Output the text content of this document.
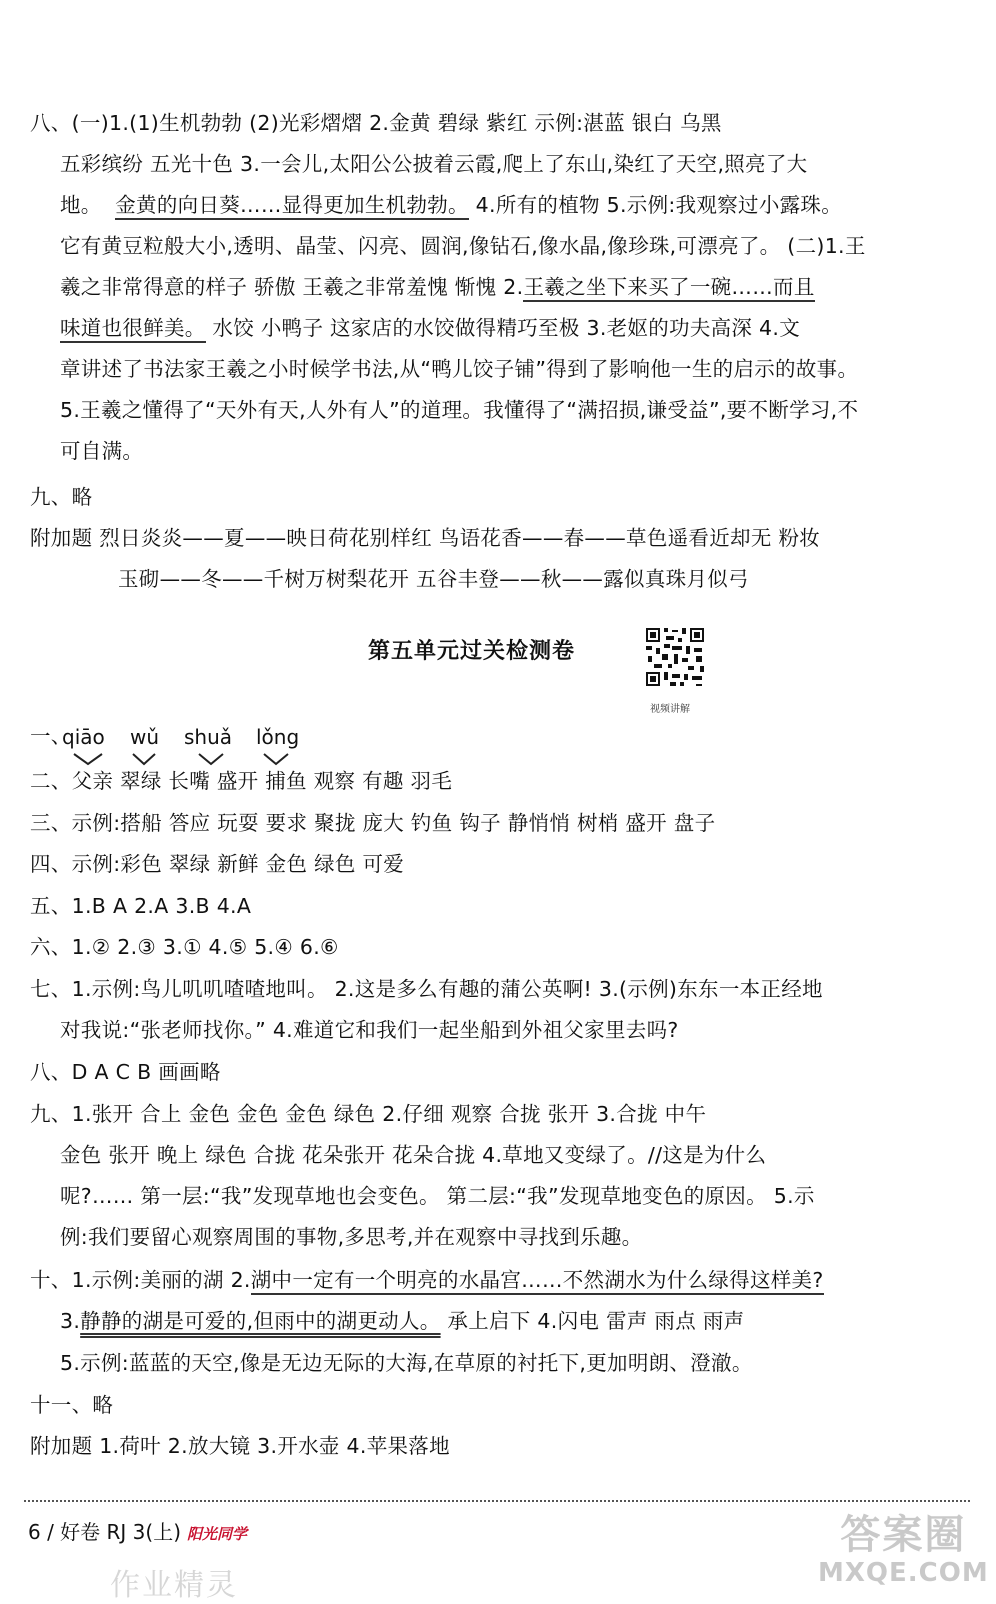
八、(一)1.(1)生机勃勃 (2)光彩熠熠 2.金黄 碧绿 紫红 示例:湛蓝 银白 乌黑
五彩缤纷 五光十色 3.一会儿,太阳公公披着云霞,爬上了东山,染红了天空,照亮了大
地。 金黄的向日葵……显得更加生机勃勃。 4.所有的植物 5.示例:我观察过小露珠。
它有黄豆粒般大小,透明、晶莹、闪亮、圆润,像钻石,像水晶,像珍珠,可漂亮了。 (二)1.王
羲之非常得意的样子 骄傲 王羲之非常羞愧 惭愧 2.王羲之坐下来买了一碗……而且
味道也很鲜美。 水饺 小鸭子 这家店的水饺做得精巧至极 3.老妪的功夫高深 4.文
章讲述了书法家王羲之小时候学书法,从“鸭儿饺子铺”得到了影响他一生的启示的故事。
5.王羲之懂得了“天外有天,人外有人”的道理。我懂得了“满招损,谦受益”,要不断学习,不
可自满。
九、略
附加题 烈日炎炎——夏——映日荷花别样红 鸟语花香——春——草色遥看近却无 粉妆
玉砌——冬——千树万树梨花开 五谷丰登——秋——露似真珠月似弓
第五单元过关检测卷
视频讲解
一、
qiāo wǔ shuǎ lǒng
二、父亲 翠绿 长嘴 盛开 捕鱼 观察 有趣 羽毛
三、示例:搭船 答应 玩耍 要求 聚拢 庞大 钓鱼 钩子 静悄悄 树梢 盛开 盘子
四、示例:彩色 翠绿 新鲜 金色 绿色 可爱
五、1.B A 2.A 3.B 4.A
六、1.② 2.③ 3.① 4.⑤ 5.④ 6.⑥
七、1.示例:鸟儿叽叽喳喳地叫。 2.这是多么有趣的蒲公英啊! 3.(示例)东东一本正经地
对我说:“张老师找你。” 4.难道它和我们一起坐船到外祖父家里去吗?
八、D A C B 画画略
九、1.张开 合上 金色 金色 金色 绿色 2.仔细 观察 合拢 张开 3.合拢 中午
金色 张开 晚上 绿色 合拢 花朵张开 花朵合拢 4.草地又变绿了。//这是为什么
呢?…… 第一层:“我”发现草地也会变色。 第二层:“我”发现草地变色的原因。 5.示
例:我们要留心观察周围的事物,多思考,并在观察中寻找到乐趣。
十、1.示例:美丽的湖 2.湖中一定有一个明亮的水晶宫……不然湖水为什么绿得这样美?
3.静静的湖是可爱的,但雨中的湖更动人。 承上启下 4.闪电 雷声 雨点 雨声
5.示例:蓝蓝的天空,像是无边无际的大海,在草原的衬托下,更加明朗、澄澈。
十一、略
附加题 1.荷叶 2.放大镜 3.开水壶 4.苹果落地
6 / 好卷 RJ 3(上) 阳光同学
作业精灵
答案圈
MXQE.COM
